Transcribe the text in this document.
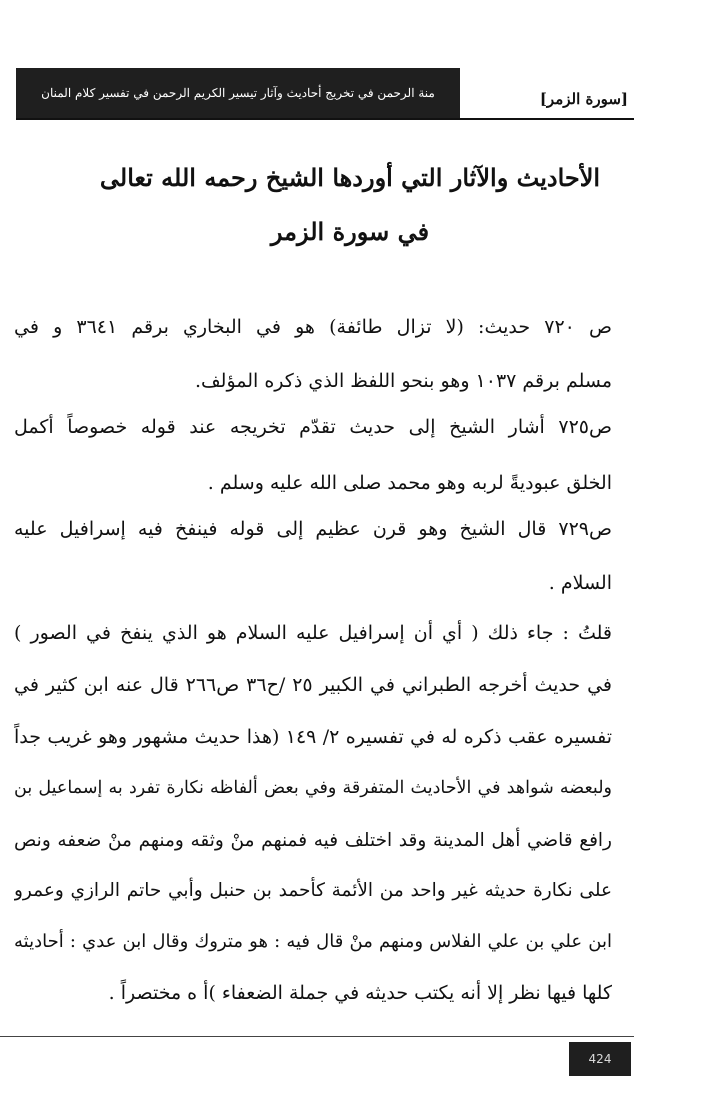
منة الرحمن في تخريج أحاديث وآثار تيسير الكريم الرحمن في تفسير كلام المنان	[سورة الزمر]
الأحاديث والآثار التي أوردها الشيخ رحمه الله تعالى
في سورة الزمر
ص ٧٢٠ حديث: (لا تزال طائفة) هو في البخاري برقم ٣٦٤١ و في
مسلم برقم ١٠٣٧ وهو بنحو اللفظ الذي ذكره المؤلف.
ص٧٢٥ أشار الشيخ إلى حديث تقدّم تخريجه عند قوله خصوصاً أكمل
الخلق عبوديةً لربه وهو محمد صلى الله عليه وسلم .
ص٧٢٩ قال الشيخ وهو قرن عظيم إلى قوله فينفخ فيه إسرافيل عليه
السلام .
قلتُ : جاء ذلك ( أي أن إسرافيل عليه السلام هو الذي ينفخ في الصور )
في حديث أخرجه الطبراني في الكبير ٢٥ /ح٣٦ ص٢٦٦ قال عنه ابن كثير في
تفسيره عقب ذكره له في تفسيره ٢/ ١٤٩ (هذا حديث مشهور وهو غريب جداً
ولبعضه شواهد في الأحاديث المتفرقة وفي بعض ألفاظه نكارة تفرد به إسماعيل بن
رافع قاضي أهل المدينة وقد اختلف فيه فمنهم منْ وثقه ومنهم منْ ضعفه ونص
على نكارة حديثه غير واحد من الأئمة كأحمد بن حنبل وأبي حاتم الرازي وعمرو
ابن علي بن علي الفلاس ومنهم منْ قال فيه : هو متروك وقال ابن عدي : أحاديثه
كلها فيها نظر إلا أنه يكتب حديثه في جملة الضعفاء )أ ه مختصراً .
424
